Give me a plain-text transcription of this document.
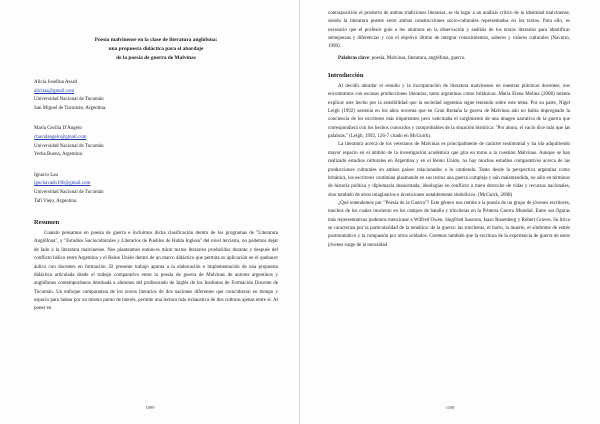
Poesía malvinense en la clase de literatura anglófona:
una propuesta didáctica para el abordaje
de la poesía de guerra de Malvinas
Alicia Josefina Assad
alicitaa@gmail.com
Universidad Nacional de Tucumán
San Miguel de Tucumán, Argentina.
María Cecilia D'Angelo
chavidangelo@gmail.com
Universidad Nacional de Tucumán
Yerba Buena, Argentina.
Ignacio Lau
ignchavado100@gmail.com
Universidad Nacional de Tucumán
Tafí Viejo, Argentina.
Resumen

Cuando pensamos en poesía de guerra e incluimos dicha clasificación dentro de los programas de "Literatura Anglófona", y "Estudios Socioculturales y Literarios de Pueblos de Habla Inglesa" del nivel terciario, no podemos dejar de lado a la literatura malvinense. Nos planteamos entonces mirar textos literarios producidos durante y después del conflicto bélico entre Argentina y el Reino Unido dentro de un marco didáctico que permita su aplicación en el quehacer áulico con docentes en formación. El presente trabajo apunta a la elaboración e implementación de una propuesta didáctica articulada desde el trabajo comparativo entre la poesía de guerra de Malvinas de autores argentinos y anglófonos contemporáneos destinada a alumnos del profesorado de Inglés de los Institutos de Formación Docente de Tucumán. Un enfoque comparatista de los textos literarios de dos naciones diferentes que coincidieron en tiempo y espacio para ladear por un mismo punto de interés, permite una lectura más exhaustiva de dos culturas ajenas entre sí. Al poner en

1099

contraposición el producto de ambas tradiciones literarias, se da lugar a un análisis crítico de la identidad malvinense, siendo la literatura puente entre ambas construcciones socio-culturales representadas en los textos. Para ello, es necesario que el profesor guíe a los alumnos en la observación y análisis de los textos literarios para identificar semejanzas y diferencias y con el objetivo último de integrar conocimientos, saberes y valores culturales (Navarro, 1990).

Palabras clave: poesía, Malvinas, literatura, anglófona, guerra.

Introducción

Al decidir abordar el estudio y la incorporación de literatura malvinense en nuestras prácticas docentes, nos encontramos con escasas producciones literarias, tanto argentinas como británicas. María Elena Molina (2008) intenta explicar este hecho por la sensibilidad que la sociedad argentina sigue teniendo sobre este tema. Por su parte, Nigel Leigh (1992) sostenía en los años noventa que en Gran Bretaña la guerra de Malvinas aún no había impregnado la conciencia de los escritores más importantes pero vaticinaba el surgimiento de una imagen narrativa de la guerra que correspondiera con los hechos conocidos y comprobables de la situación histórica: "Por ahora, el vacío dice más que las palabras." (Leigh, 1992, 126-7 citado en McGuirk).

La literatura acerca de los veteranos de Malvinas es principalmente de carácter testimonial y ha ido adquiriendo mayor espacio en el ámbito de la investigación académica que gira en torno a la cuestión Malvinas. Aunque se han realizado estudios culturales en Argentina y en el Reino Unido, no hay muchos estudios comparativos acerca de las producciones culturales en ambos países relacionados a la contienda. Tanto desde la perspectiva argentina como británica, los escritores continúan plasmando en sus textos una guerra compleja y aún malentendida, no sólo en términos de historia política y diplomacia desacertada, ideologías en conflicto o mero derroche de vidas y recursos nacionales, sino también de otros imaginarios e invenciones notablemente simbólicos. (McGuirk, 2008)

¿Qué entendemos por "Poesía de la Guerra"? Este género nos remite a la poesía de un grupo de jóvenes escritores, muchos de los cuales murieron en los campos de batalla y trincheras en la Primera Guerra Mundial. Entre sus figuras más representativas podemos mencionar a Wilfred Owen, Siegfried Sassoon, Isaac Rosenberg y Robert Graves. Su lírica se caracteriza por la particularidad de la temática: de la guerra: las trincheras, el barro, la muerte, el síndrome de estrés postraumático y la compasión por otros soldados. Creemos también que la escritura de la experiencia de guerra de estos jóvenes surge de la necesidad

1100
